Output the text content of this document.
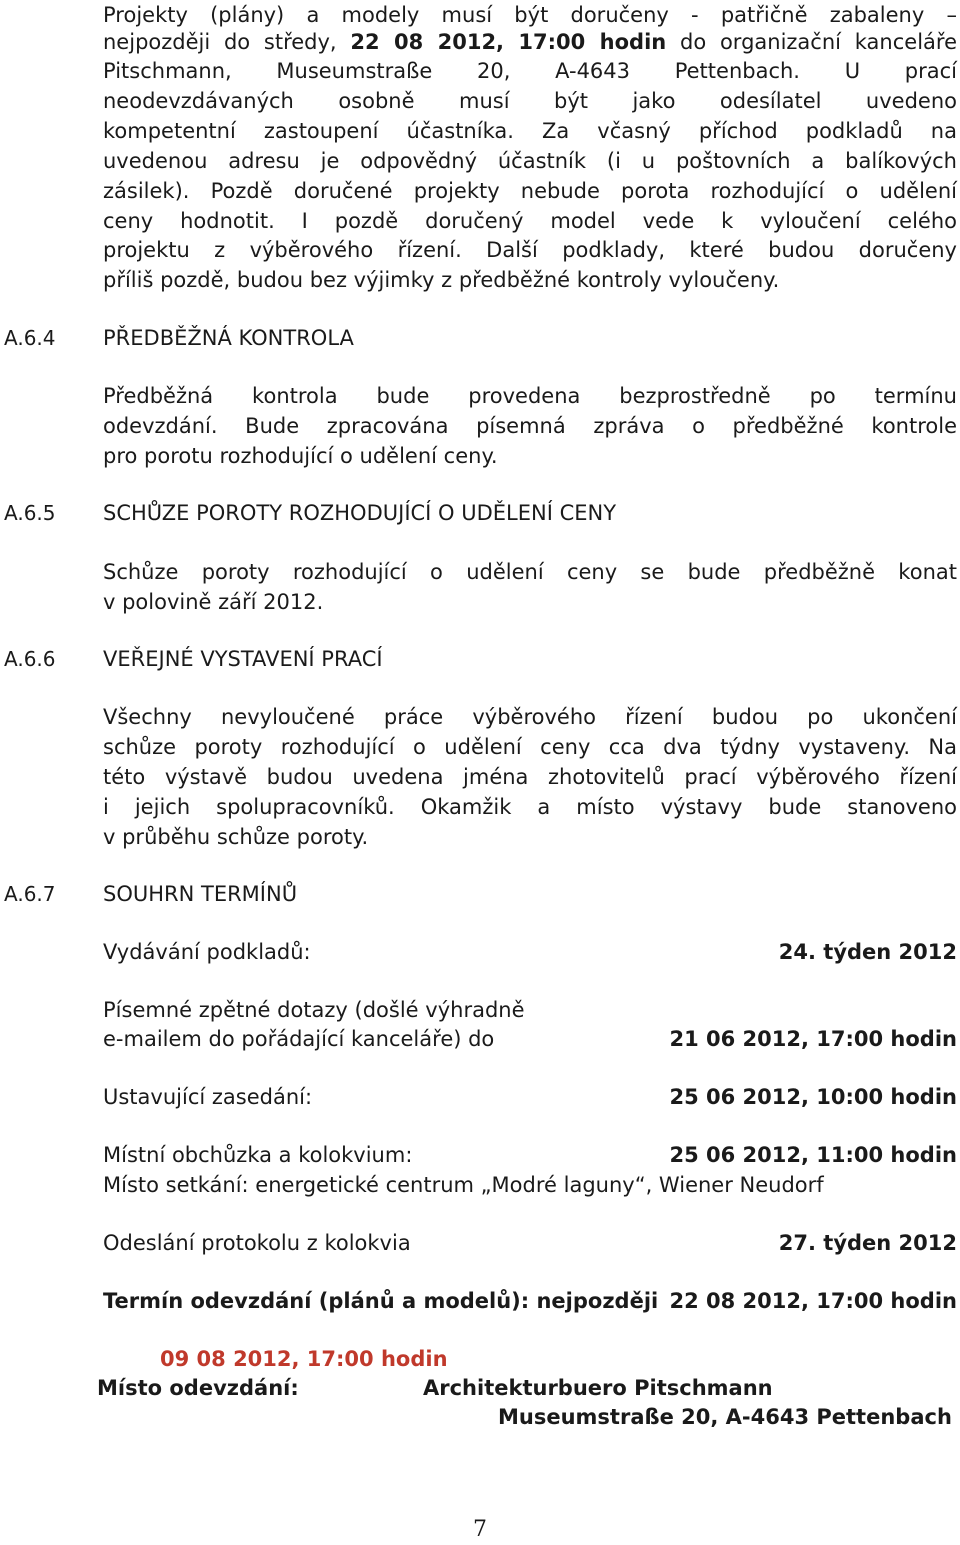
Projekty (plány) a modely musí být doručeny - patřičně zabaleny –
nejpozději do středy, 22 08 2012, 17:00 hodin do organizační kanceláře
Pitschmann, Museumstraße 20, A-4643 Pettenbach. U prací
neodevzdávaných osobně musí být jako odesílatel uvedeno
kompetentní zastoupení účastníka. Za včasný příchod podkladů na
uvedenou adresu je odpovědný účastník (i u poštovních a balíkových
zásilek). Pozdě doručené projekty nebude porota rozhodující o udělení
ceny hodnotit. I pozdě doručený model vede k vyloučení celého
projektu z výběrového řízení. Další podklady, které budou doručeny
příliš pozdě, budou bez výjimky z předběžné kontroly vyloučeny.
A.6.4 PŘEDBĚŽNÁ KONTROLA
Předběžná kontrola bude provedena bezprostředně po termínu
odevzdání. Bude zpracována písemná zpráva o předběžné kontrole
pro porotu rozhodující o udělení ceny.
A.6.5 SCHŮZE POROTY ROZHODUJÍCÍ O UDĚLENÍ CENY
Schůze poroty rozhodující o udělení ceny se bude předběžně konat
v polovině září 2012.
A.6.6 VEŘEJNÉ VYSTAVENÍ PRACÍ
Všechny nevyloučené práce výběrového řízení budou po ukončení
schůze poroty rozhodující o udělení ceny cca dva týdny vystaveny. Na
této výstavě budou uvedena jména zhotovitelů prací výběrového řízení
i jejich spolupracovníků. Okamžik a místo výstavy bude stanoveno
v průběhu schůze poroty.
A.6.7 SOUHRN TERMÍNŮ
Vydávání podkladů:	24. týden 2012
Písemné zpětné dotazy (došlé výhradně
e-mailem do pořádající kanceláře) do	21 06 2012, 17:00 hodin
Ustavující zasedání:	25 06 2012, 10:00 hodin
Místní obchůzka a kolokvium:	25 06 2012, 11:00 hodin
Místo setkání: energetické centrum „Modré laguny“, Wiener Neudorf
Odeslání protokolu z kolokvia	27. týden 2012
Termín odevzdání (plánů a modelů): nejpozději 22 08 2012, 17:00 hodin
09 08 2012, 17:00 hodin
Místo odevzdání:	Architekturbuero Pitschmann
Museumstraße 20, A-4643 Pettenbach
7
